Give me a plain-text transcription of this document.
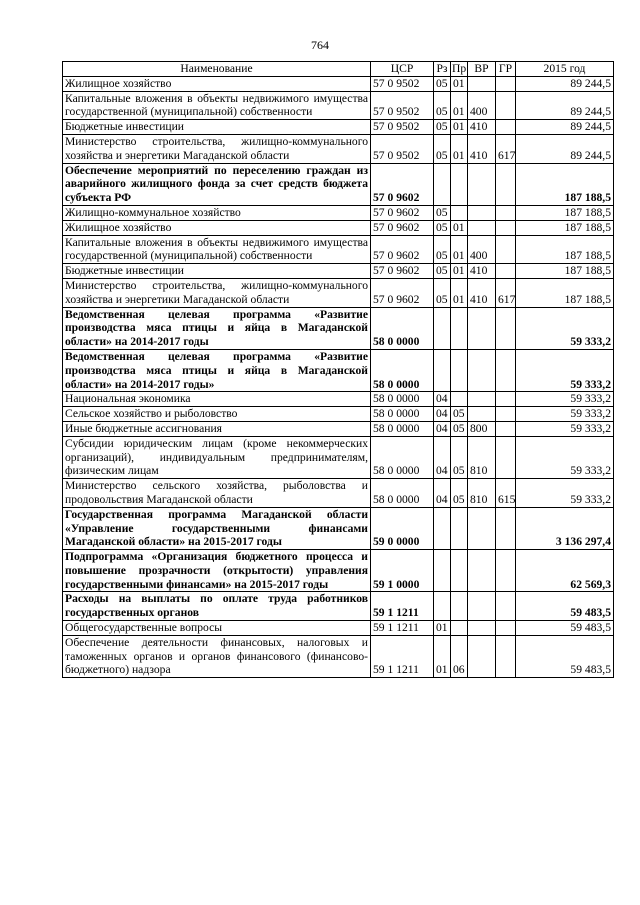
764
Наименование	ЦСР	Рз	Пр	ВР	ГР	2015 год
Жилищное хозяйство	57 0 9502	05	01			89 244,5
Капитальные вложения в объекты недвижимого имущества государственной (муниципальной) собственности	57 0 9502	05	01	400		89 244,5
Бюджетные инвестиции	57 0 9502	05	01	410		89 244,5
Министерство строительства, жилищно-коммунального хозяйства и энергетики Магаданской области	57 0 9502	05	01	410	617	89 244,5
Обеспечение мероприятий по переселению граждан из аварийного жилищного фонда за счет средств бюджета субъекта РФ	57 0 9602					187 188,5
Жилищно-коммунальное хозяйство	57 0 9602	05				187 188,5
Жилищное хозяйство	57 0 9602	05	01			187 188,5
Капитальные вложения в объекты недвижимого имущества государственной (муниципальной) собственности	57 0 9602	05	01	400		187 188,5
Бюджетные инвестиции	57 0 9602	05	01	410		187 188,5
Министерство строительства, жилищно-коммунального хозяйства и энергетики Магаданской области	57 0 9602	05	01	410	617	187 188,5
Ведомственная целевая программа «Развитие производства мяса птицы и яйца в Магаданской области» на 2014-2017 годы	58 0 0000					59 333,2
Ведомственная целевая программа «Развитие производства мяса птицы и яйца в Магаданской области» на 2014-2017 годы»	58 0 0000					59 333,2
Национальная экономика	58 0 0000	04				59 333,2
Сельское хозяйство и рыболовство	58 0 0000	04	05			59 333,2
Иные бюджетные ассигнования	58 0 0000	04	05	800		59 333,2
Субсидии юридическим лицам (кроме некоммерческих организаций), индивидуальным предпринимателям, физическим лицам	58 0 0000	04	05	810		59 333,2
Министерство сельского хозяйства, рыболовства и продовольствия Магаданской области	58 0 0000	04	05	810	615	59 333,2
Государственная программа Магаданской области «Управление государственными финансами Магаданской области» на 2015-2017 годы	59 0 0000					3 136 297,4
Подпрограмма «Организация бюджетного процесса и повышение прозрачности (открытости) управления государственными финансами» на 2015-2017 годы	59 1 0000					62 569,3
Расходы на выплаты по оплате труда работников государственных органов	59 1 1211					59 483,5
Общегосударственные вопросы	59 1 1211	01				59 483,5
Обеспечение деятельности финансовых, налоговых и таможенных органов и органов финансового (финансово-бюджетного) надзора	59 1 1211	01	06			59 483,5
